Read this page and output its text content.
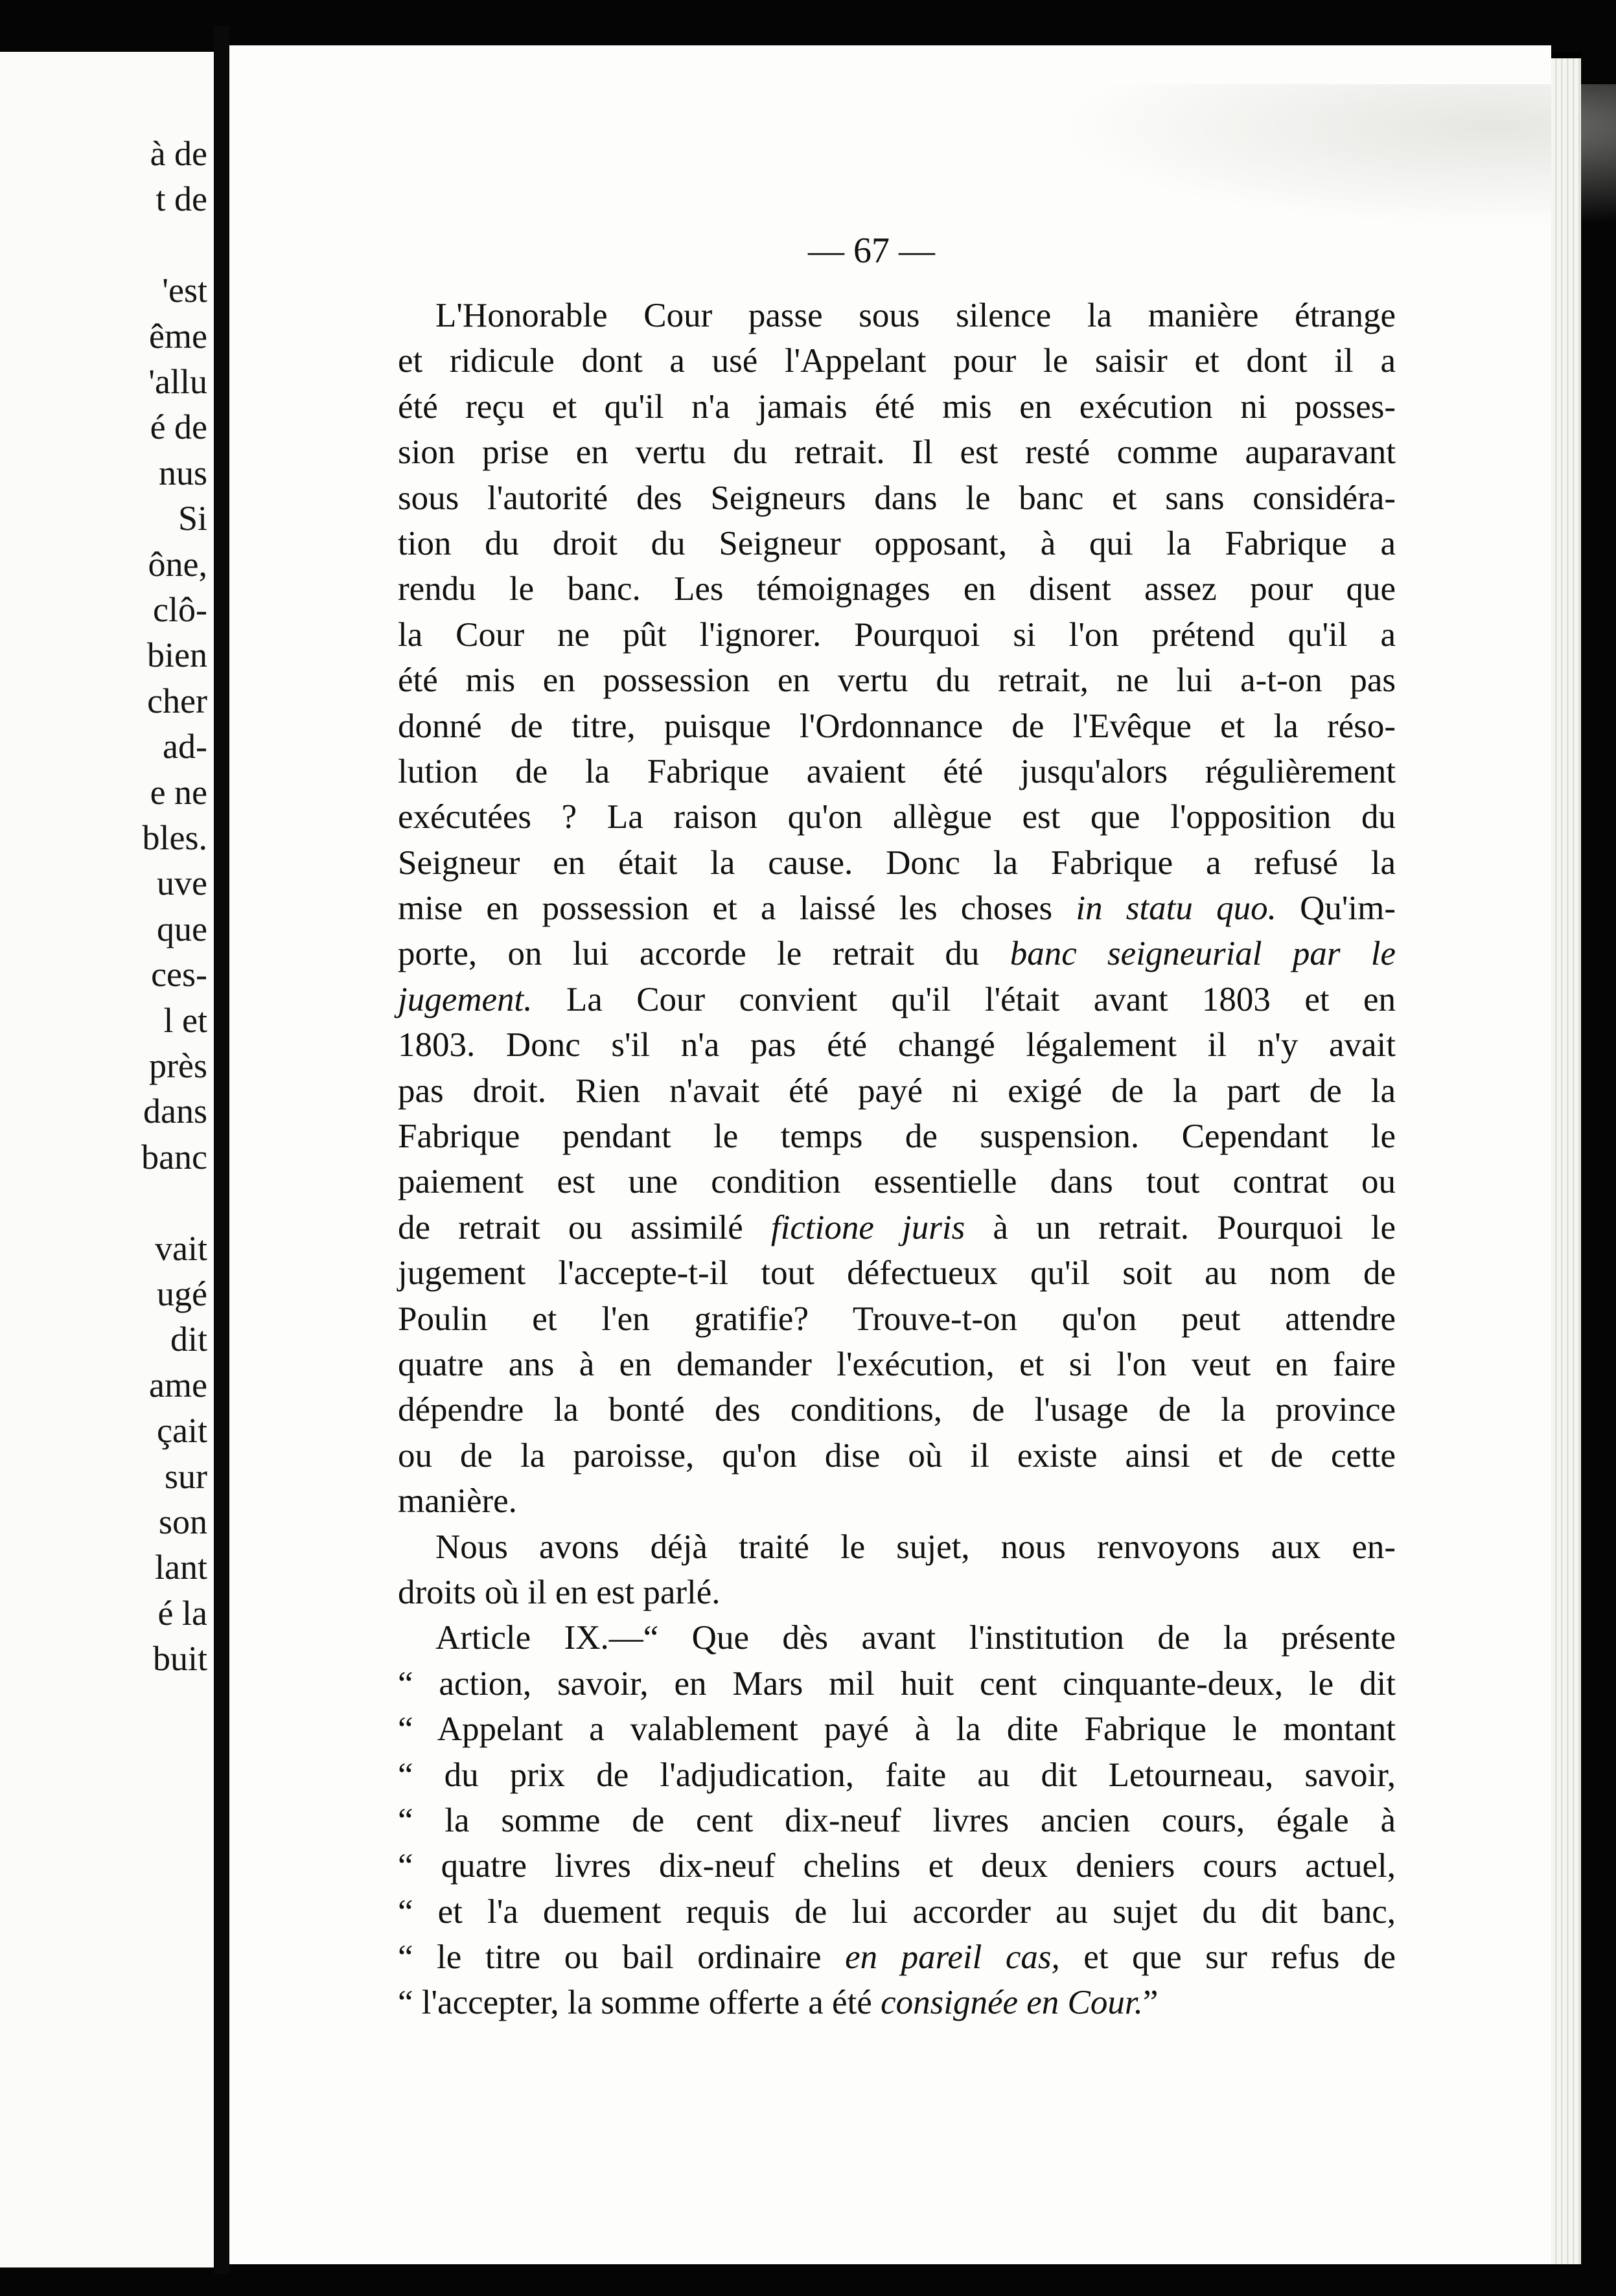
à de
t de
'est
ême
'allu
é de
nus
Si
ône,
clô-
bien
cher
ad-
e ne
bles.
uve
que
ces-
l et
près
dans
banc
vait
ugé
dit
ame
çait
sur
son
lant
é la
buit
— 67 —
L'Honorable Cour passe sous silence la manière étrange
et ridicule dont a usé l'Appelant pour le saisir et dont il a
été reçu et qu'il n'a jamais été mis en exécution ni posses-
sion prise en vertu du retrait. Il est resté comme auparavant
sous l'autorité des Seigneurs dans le banc et sans considéra-
tion du droit du Seigneur opposant, à qui la Fabrique a
rendu le banc. Les témoignages en disent assez pour que
la Cour ne pût l'ignorer. Pourquoi si l'on prétend qu'il a
été mis en possession en vertu du retrait, ne lui a-t-on pas
donné de titre, puisque l'Ordonnance de l'Evêque et la réso-
lution de la Fabrique avaient été jusqu'alors régulièrement
exécutées ? La raison qu'on allègue est que l'opposition du
Seigneur en était la cause. Donc la Fabrique a refusé la
mise en possession et a laissé les choses in statu quo. Qu'im-
porte, on lui accorde le retrait du banc seigneurial par le
jugement. La Cour convient qu'il l'était avant 1803 et en
1803. Donc s'il n'a pas été changé légalement il n'y avait
pas droit. Rien n'avait été payé ni exigé de la part de la
Fabrique pendant le temps de suspension. Cependant le
paiement est une condition essentielle dans tout contrat ou
de retrait ou assimilé fictione juris à un retrait. Pourquoi le
jugement l'accepte-t-il tout défectueux qu'il soit au nom de
Poulin et l'en gratifie? Trouve-t-on qu'on peut attendre
quatre ans à en demander l'exécution, et si l'on veut en faire
dépendre la bonté des conditions, de l'usage de la province
ou de la paroisse, qu'on dise où il existe ainsi et de cette
manière.
Nous avons déjà traité le sujet, nous renvoyons aux en-
droits où il en est parlé.
Article IX.—“ Que dès avant l'institution de la présente
“ action, savoir, en Mars mil huit cent cinquante-deux, le dit
“ Appelant a valablement payé à la dite Fabrique le montant
“ du prix de l'adjudication, faite au dit Letourneau, savoir,
“ la somme de cent dix-neuf livres ancien cours, égale à
“ quatre livres dix-neuf chelins et deux deniers cours actuel,
“ et l'a duement requis de lui accorder au sujet du dit banc,
“ le titre ou bail ordinaire en pareil cas, et que sur refus de
“ l'accepter, la somme offerte a été consignée en Cour.”
